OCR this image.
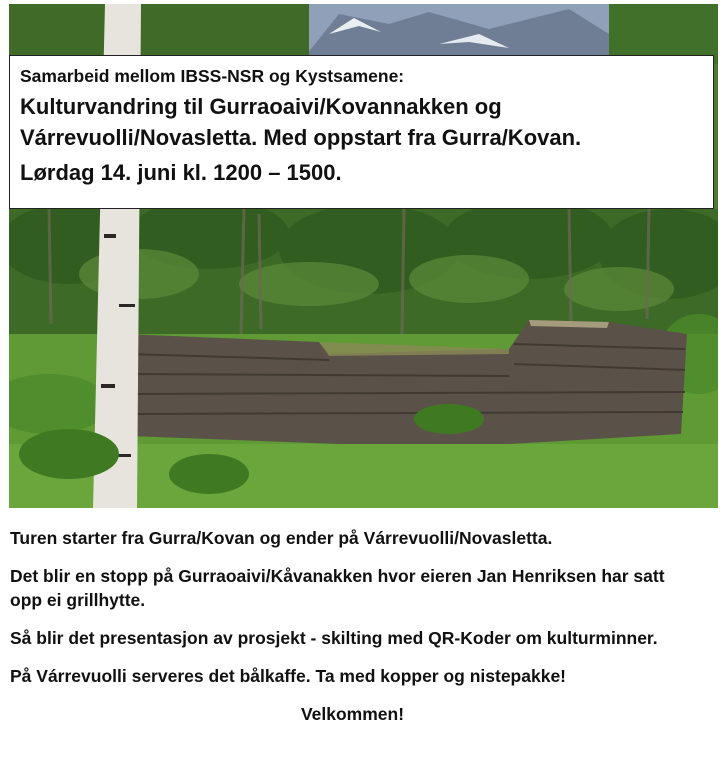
Samarbeid mellom IBSS-NSR og Kystsamene:

Kulturvandring til Gurraoaivi/Kovannakken og Várrevuolli/Novasletta. Med oppstart fra Gurra/Kovan.

Lørdag 14. juni kl. 1200 – 1500.

Turen starter fra Gurra/Kovan og ender på Várrevuolli/Novasletta.

Det blir en stopp på Gurraoaivi/Kåvanakken hvor eieren Jan Henriksen har satt opp ei grillhytte.

Så blir det presentasjon av prosjekt - skilting med QR-Koder om kulturminner.

På Várrevuolli serveres det bålkaffe. Ta med kopper og nistepakke!

Velkommen!
